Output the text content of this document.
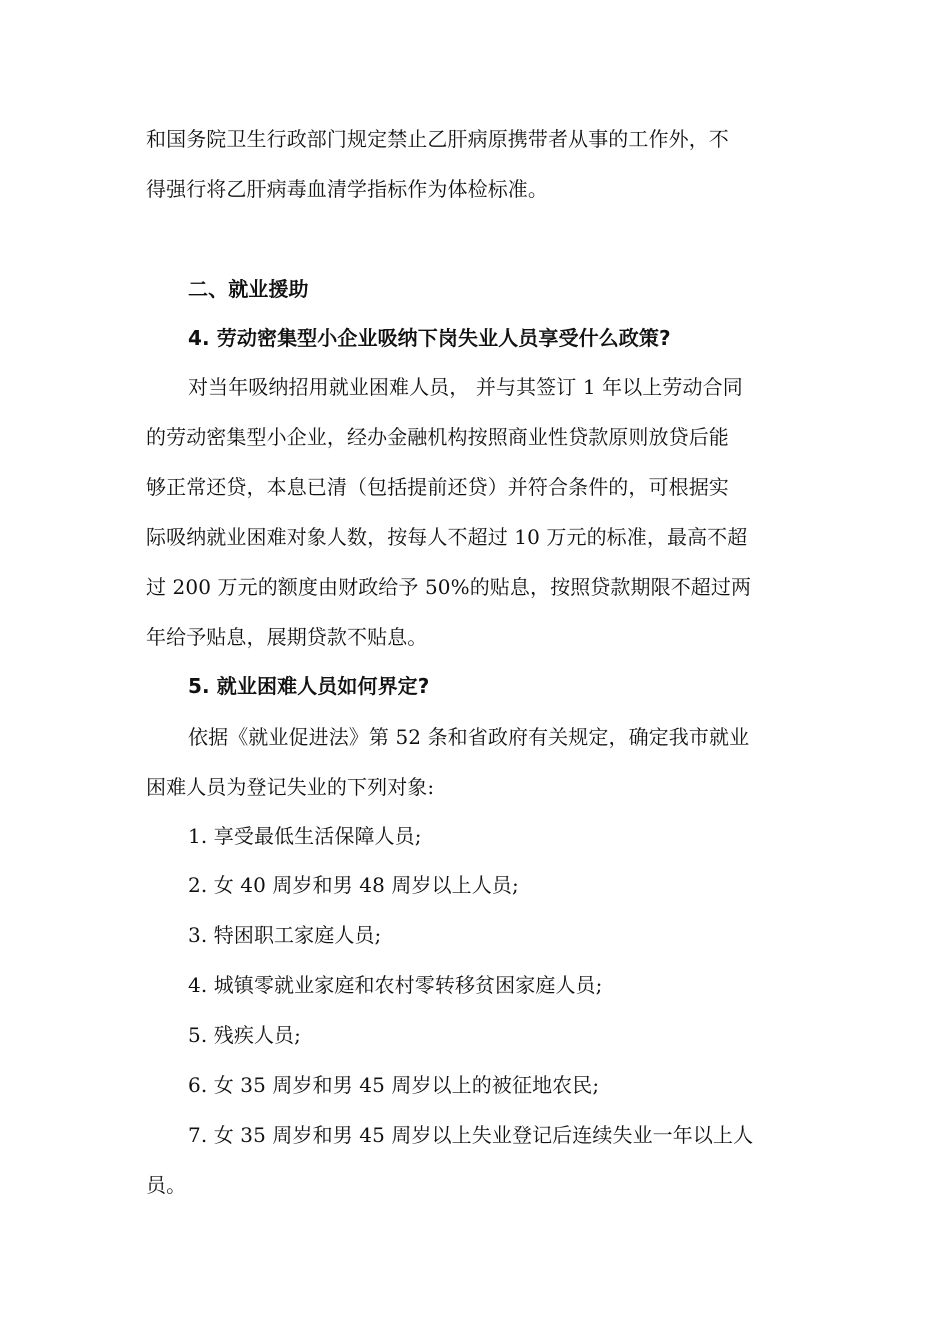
和国务院卫生行政部门规定禁止乙肝病原携带者从事的工作外，不
得强行将乙肝病毒血清学指标作为体检标准。
二、就业援助
4. 劳动密集型小企业吸纳下岗失业人员享受什么政策?
对当年吸纳招用就业困难人员， 并与其签订 1 年以上劳动合同
的劳动密集型小企业，经办金融机构按照商业性贷款原则放贷后能
够正常还贷，本息已清（包括提前还贷）并符合条件的，可根据实
际吸纳就业困难对象人数，按每人不超过 10 万元的标准，最高不超
过 200 万元的额度由财政给予 50%的贴息，按照贷款期限不超过两
年给予贴息，展期贷款不贴息。
5. 就业困难人员如何界定?
依据《就业促进法》第 52 条和省政府有关规定，确定我市就业
困难人员为登记失业的下列对象:
1. 享受最低生活保障人员;
2. 女 40 周岁和男 48 周岁以上人员;
3. 特困职工家庭人员;
4. 城镇零就业家庭和农村零转移贫困家庭人员;
5. 残疾人员;
6. 女 35 周岁和男 45 周岁以上的被征地农民;
7. 女 35 周岁和男 45 周岁以上失业登记后连续失业一年以上人
员。
